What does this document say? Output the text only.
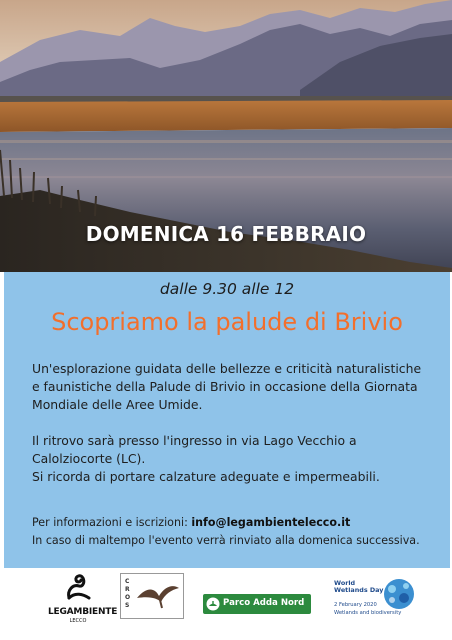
DOMENICA 16 FEBBRAIO
dalle 9.30 alle 12
Scopriamo la palude di Brivio

Un'esplorazione guidata delle bellezze e criticità naturalistiche e faunistiche della Palude di Brivio in occasione della Giornata Mondiale delle Aree Umide.

Il ritrovo sarà presso l'ingresso in via Lago Vecchio a Calolziocorte (LC).
Si ricorda di portare calzature adeguate e impermeabili.
Per informazioni e iscrizioni: info@legambientelecco.it
In caso di maltempo l'evento verrà rinviato alla domenica successiva.
LEGAMBIENTE
LECCO
CROS	Parco Adda Nord
World
Wetlands Day
2 February 2020
Wetlands and biodiversity
